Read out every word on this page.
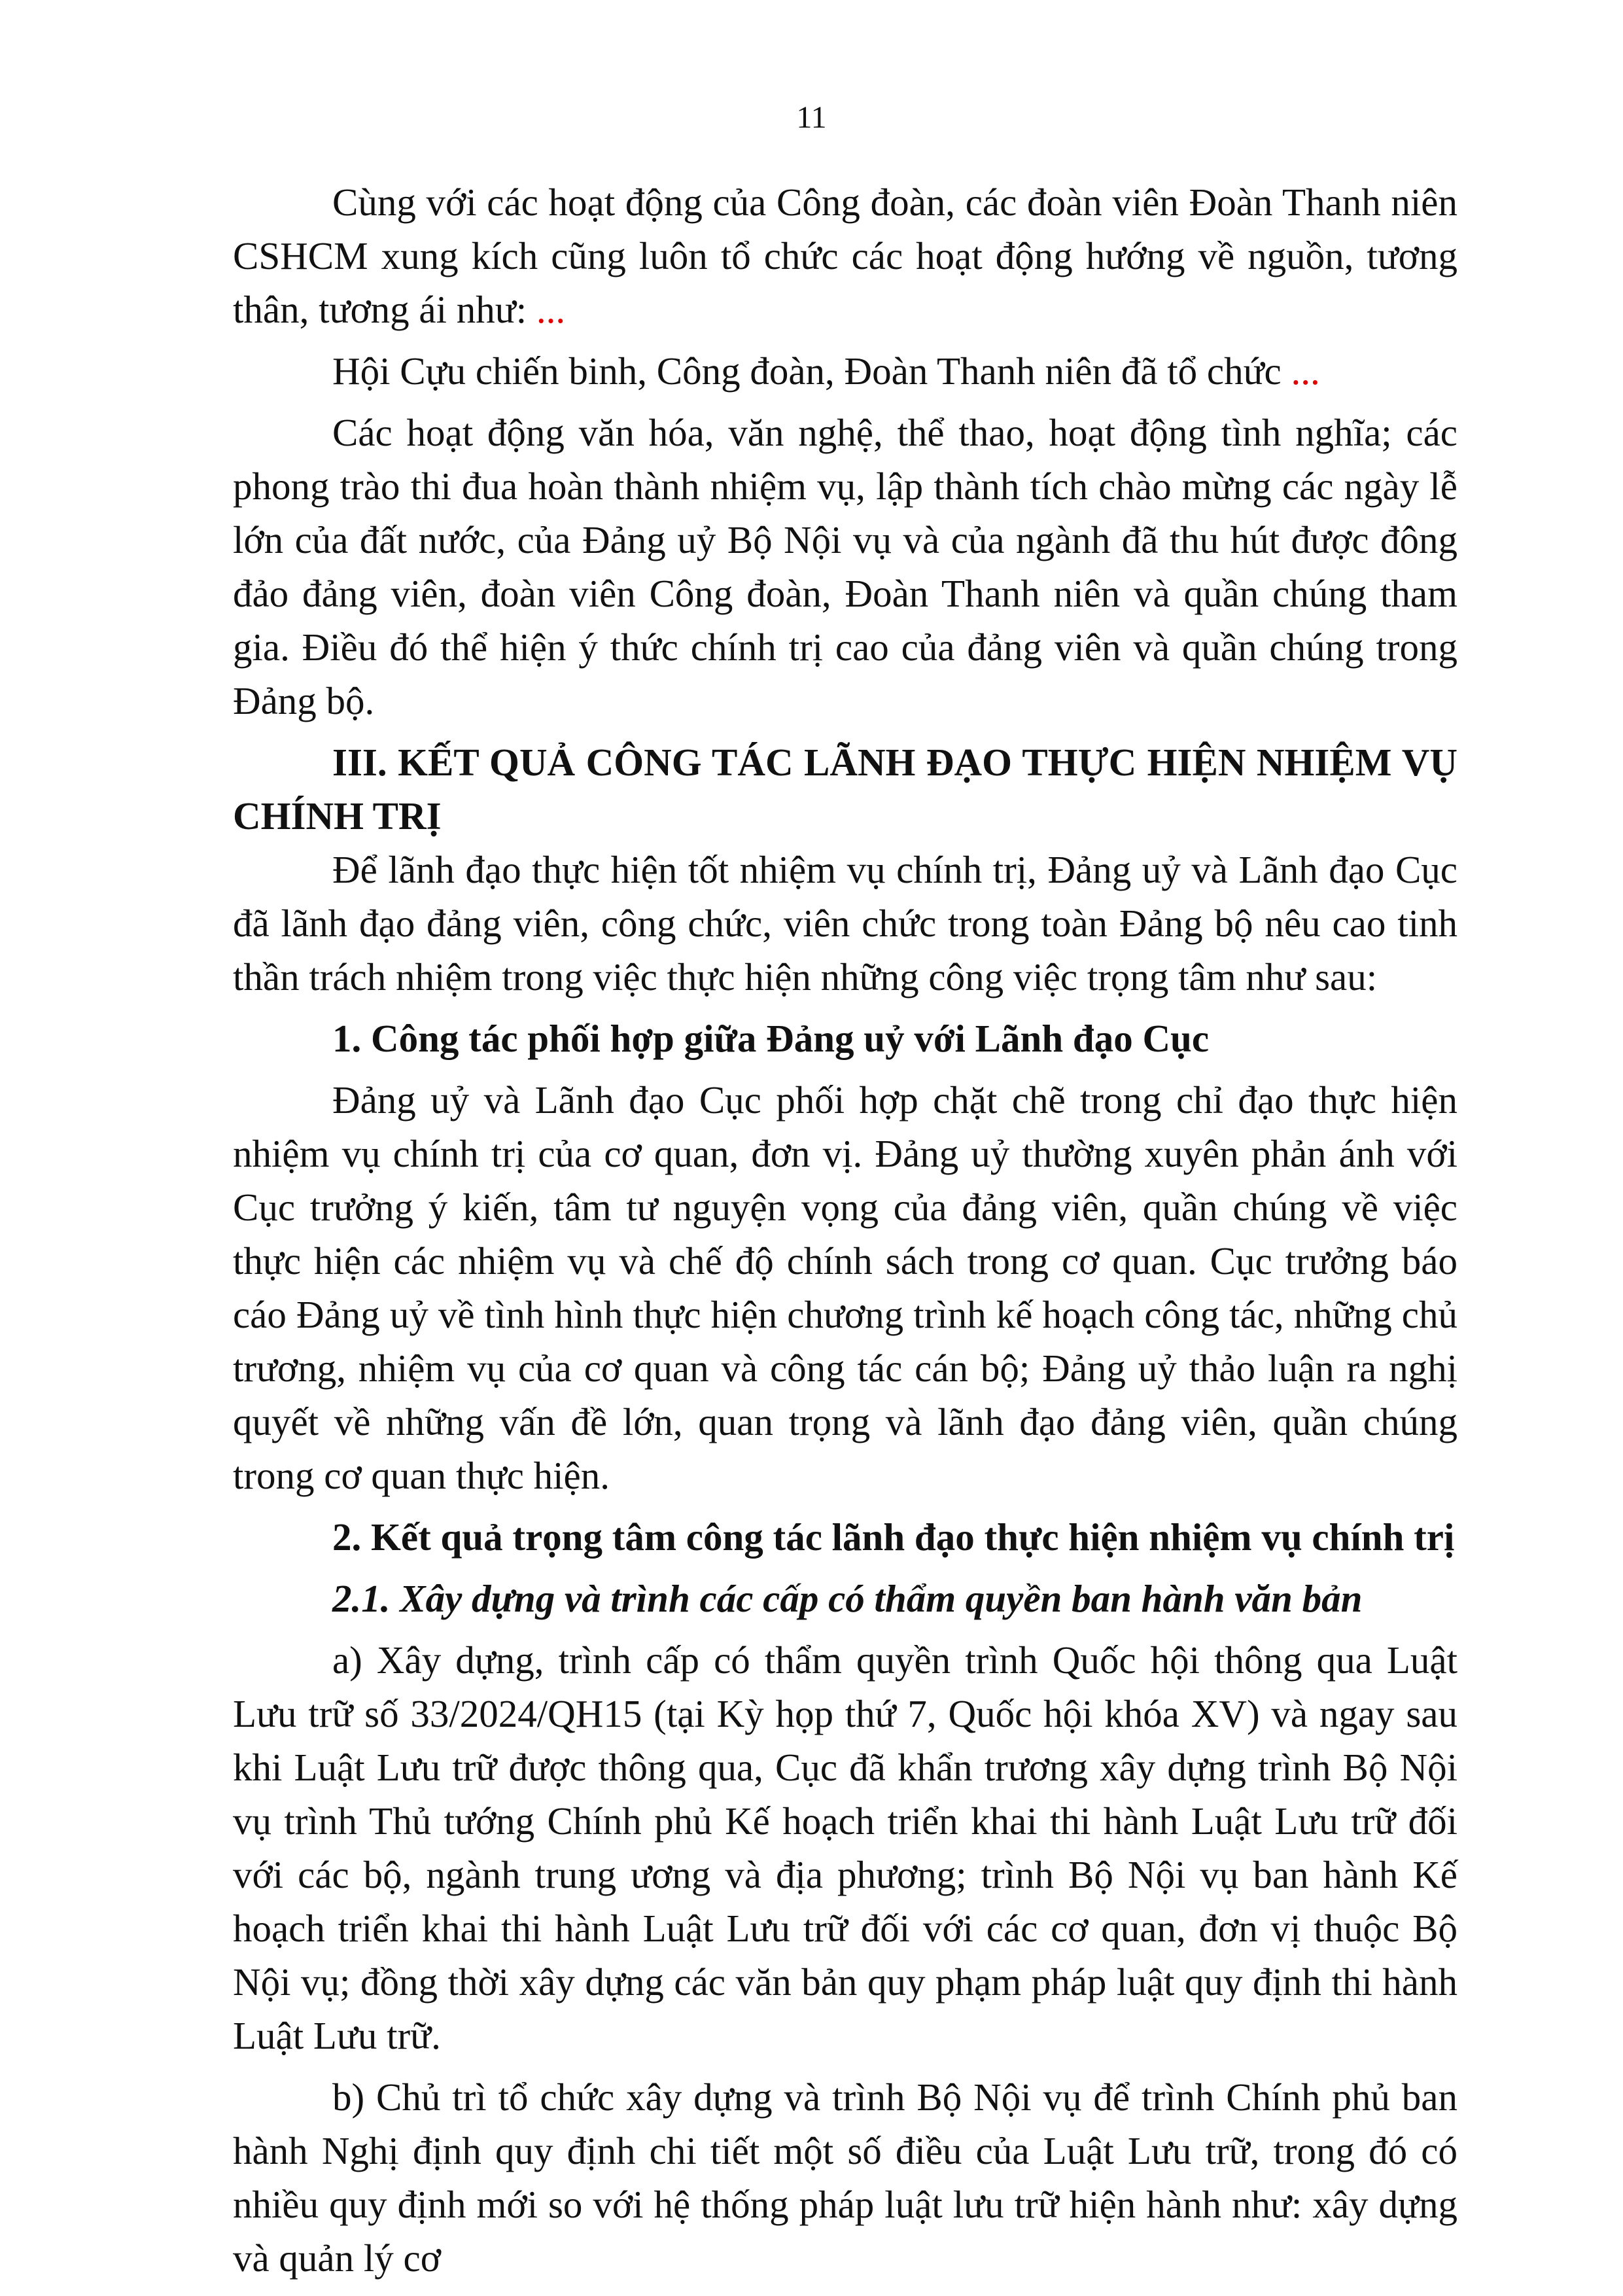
11

Cùng với các hoạt động của Công đoàn, các đoàn viên Đoàn Thanh niên CSHCM xung kích cũng luôn tổ chức các hoạt động hướng về nguồn, tương thân, tương ái như: ...

Hội Cựu chiến binh, Công đoàn, Đoàn Thanh niên đã tổ chức ...

Các hoạt động văn hóa, văn nghệ, thể thao, hoạt động tình nghĩa; các phong trào thi đua hoàn thành nhiệm vụ, lập thành tích chào mừng các ngày lễ lớn của đất nước, của Đảng uỷ Bộ Nội vụ và của ngành đã thu hút được đông đảo đảng viên, đoàn viên Công đoàn, Đoàn Thanh niên và quần chúng tham gia. Điều đó thể hiện ý thức chính trị cao của đảng viên và quần chúng trong Đảng bộ.

III. KẾT QUẢ CÔNG TÁC LÃNH ĐẠO THỰC HIỆN NHIỆM VỤ CHÍNH TRỊ

Để lãnh đạo thực hiện tốt nhiệm vụ chính trị, Đảng uỷ và Lãnh đạo Cục đã lãnh đạo đảng viên, công chức, viên chức trong toàn Đảng bộ nêu cao tinh thần trách nhiệm trong việc thực hiện những công việc trọng tâm như sau:

1. Công tác phối hợp giữa Đảng uỷ với Lãnh đạo Cục

Đảng uỷ và Lãnh đạo Cục phối hợp chặt chẽ trong chỉ đạo thực hiện nhiệm vụ chính trị của cơ quan, đơn vị. Đảng uỷ thường xuyên phản ánh với Cục trưởng ý kiến, tâm tư nguyện vọng của đảng viên, quần chúng về việc thực hiện các nhiệm vụ và chế độ chính sách trong cơ quan. Cục trưởng báo cáo Đảng uỷ về tình hình thực hiện chương trình kế hoạch công tác, những chủ trương, nhiệm vụ của cơ quan và công tác cán bộ; Đảng uỷ thảo luận ra nghị quyết về những vấn đề lớn, quan trọng và lãnh đạo đảng viên, quần chúng trong cơ quan thực hiện.

2. Kết quả trọng tâm công tác lãnh đạo thực hiện nhiệm vụ chính trị

2.1. Xây dựng và trình các cấp có thẩm quyền ban hành văn bản

a) Xây dựng, trình cấp có thẩm quyền trình Quốc hội thông qua Luật Lưu trữ số 33/2024/QH15 (tại Kỳ họp thứ 7, Quốc hội khóa XV) và ngay sau khi Luật Lưu trữ được thông qua, Cục đã khẩn trương xây dựng trình Bộ Nội vụ trình Thủ tướng Chính phủ Kế hoạch triển khai thi hành Luật Lưu trữ đối với các bộ, ngành trung ương và địa phương; trình Bộ Nội vụ ban hành Kế hoạch triển khai thi hành Luật Lưu trữ đối với các cơ quan, đơn vị thuộc Bộ Nội vụ; đồng thời xây dựng các văn bản quy phạm pháp luật quy định thi hành Luật Lưu trữ.

b) Chủ trì tổ chức xây dựng và trình Bộ Nội vụ để trình Chính phủ ban hành Nghị định quy định chi tiết một số điều của Luật Lưu trữ, trong đó có nhiều quy định mới so với hệ thống pháp luật lưu trữ hiện hành như: xây dựng và quản lý cơ
